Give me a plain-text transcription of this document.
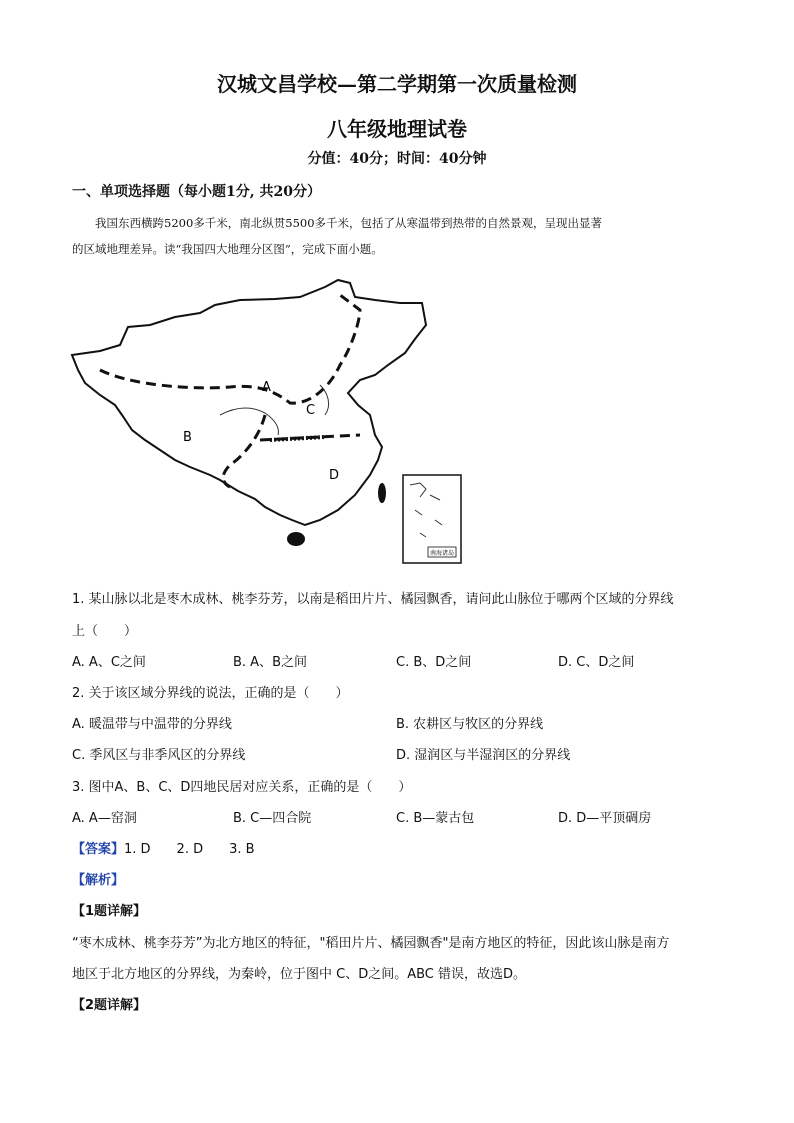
汉城文昌学校—第二学期第一次质量检测
八年级地理试卷
分值：40分；时间：40分钟
一、单项选择题（每小题1分, 共20分）
我国东西横跨5200多千米，南北纵贯5500多千米，包括了从寒温带到热带的自然景观，呈现出显著
的区域地理差异。读“我国四大地理分区图”，完成下面小题。
A
B
C
D
南海诸岛
1. 某山脉以北是枣木成林、桃李芬芳，以南是稻田片片、橘园飘香，请问此山脉位于哪两个区域的分界线
上（　　）
A. A、C之间	B. A、B之间	C. B、D之间	D. C、D之间
2. 关于该区域分界线的说法，正确的是（　　）
A. 暖温带与中温带的分界线	B. 农耕区与牧区的分界线
C. 季风区与非季风区的分界线	D. 湿润区与半湿润区的分界线
3. 图中A、B、C、D四地民居对应关系，正确的是（　　）
A. A—窑洞	B. C—四合院	C. B—蒙古包	D. D—平顶碉房
【答案】1. D　　2. D　　3. B
【解析】
【1题详解】
“枣木成林、桃李芬芳”为北方地区的特征，"稻田片片、橘园飘香"是南方地区的特征，因此该山脉是南方
地区于北方地区的分界线，为秦岭，位于图中 C、D之间。ABC 错误，故选D。
【2题详解】
